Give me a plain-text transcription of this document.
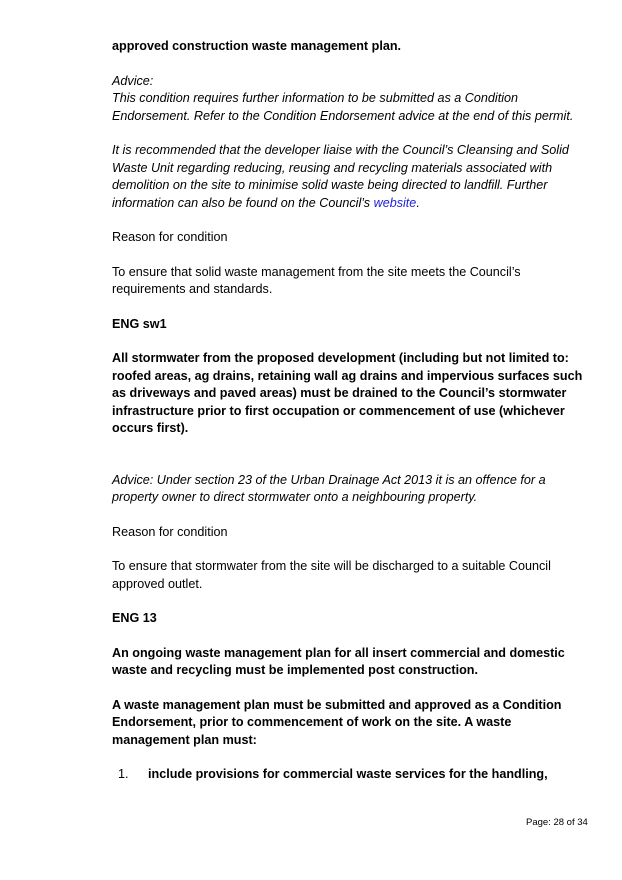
approved construction waste management plan.

Advice:

This condition requires further information to be submitted as a Condition Endorsement. Refer to the Condition Endorsement advice at the end of this permit.

It is recommended that the developer liaise with the Council’s Cleansing and Solid Waste Unit regarding reducing, reusing and recycling materials associated with demolition on the site to minimise solid waste being directed to landfill. Further information can also be found on the Council’s website.

Reason for condition

To ensure that solid waste management from the site meets the Council’s requirements and standards.

ENG sw1

All stormwater from the proposed development (including but not limited to: roofed areas, ag drains, retaining wall ag drains and impervious surfaces such as driveways and paved areas) must be drained to the Council’s stormwater infrastructure prior to first occupation or commencement of use (whichever occurs first).

Advice: Under section 23 of the Urban Drainage Act 2013 it is an offence for a property owner to direct stormwater onto a neighbouring property.

Reason for condition

To ensure that stormwater from the site will be discharged to a suitable Council approved outlet.

ENG 13

An ongoing waste management plan for all insert commercial and domestic waste and recycling must be implemented post construction.

A waste management plan must be submitted and approved as a Condition Endorsement, prior to commencement of work on the site. A waste management plan must:

1. include provisions for commercial waste services for the handling,
Page: 28 of 34
